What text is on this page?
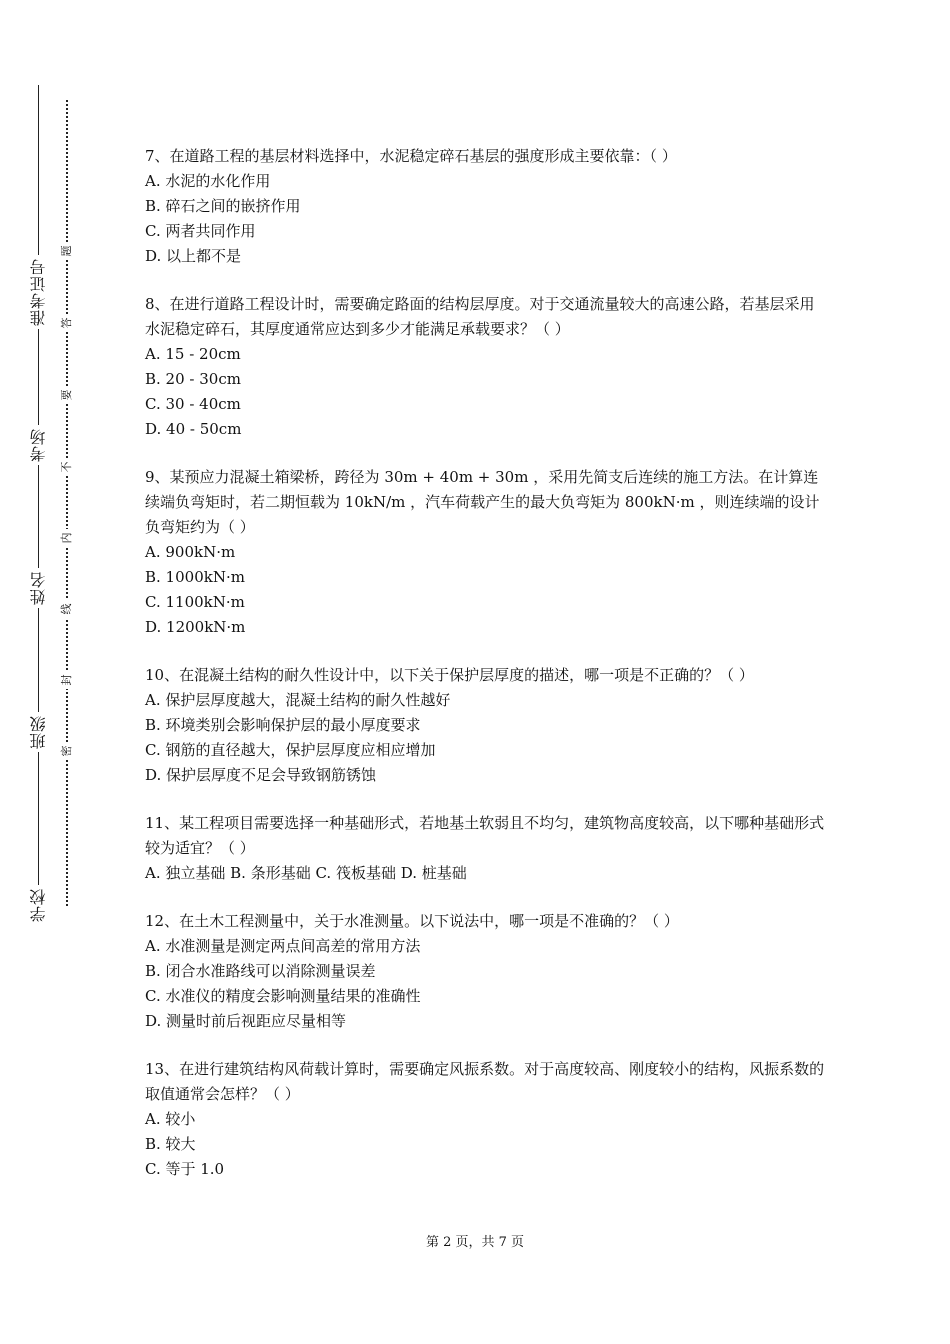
准考证号
考场
姓名
班级
学校
题
答
要
不
内
线
封
密
7、在道路工程的基层材料选择中，水泥稳定碎石基层的强度形成主要依靠：（ ）
A. 水泥的水化作用
B. 碎石之间的嵌挤作用
C. 两者共同作用
D. 以上都不是
8、在进行道路工程设计时，需要确定路面的结构层厚度。对于交通流量较大的高速公路，若基层采用水泥稳定碎石，其厚度通常应达到多少才能满足承载要求？（ ）
A. 15 - 20cm
B. 20 - 30cm
C. 30 - 40cm
D. 40 - 50cm
9、某预应力混凝土箱梁桥，跨径为 30m + 40m + 30m ，采用先简支后连续的施工方法。在计算连续端负弯矩时，若二期恒载为 10kN/m ，汽车荷载产生的最大负弯矩为 800kN·m ，则连续端的设计负弯矩约为（ ）
A. 900kN·m
B. 1000kN·m
C. 1100kN·m
D. 1200kN·m
10、在混凝土结构的耐久性设计中，以下关于保护层厚度的描述，哪一项是不正确的？（ ）
A. 保护层厚度越大，混凝土结构的耐久性越好
B. 环境类别会影响保护层的最小厚度要求
C. 钢筋的直径越大，保护层厚度应相应增加
D. 保护层厚度不足会导致钢筋锈蚀
11、某工程项目需要选择一种基础形式，若地基土软弱且不均匀，建筑物高度较高，以下哪种基础形式较为适宜？（ ）
A. 独立基础 B. 条形基础 C. 筏板基础 D. 桩基础
12、在土木工程测量中，关于水准测量。以下说法中，哪一项是不准确的？（ ）
A. 水准测量是测定两点间高差的常用方法
B. 闭合水准路线可以消除测量误差
C. 水准仪的精度会影响测量结果的准确性
D. 测量时前后视距应尽量相等
13、在进行建筑结构风荷载计算时，需要确定风振系数。对于高度较高、刚度较小的结构，风振系数的取值通常会怎样？（ ）
A. 较小
B. 较大
C. 等于 1.0
第 2 页，共 7 页
